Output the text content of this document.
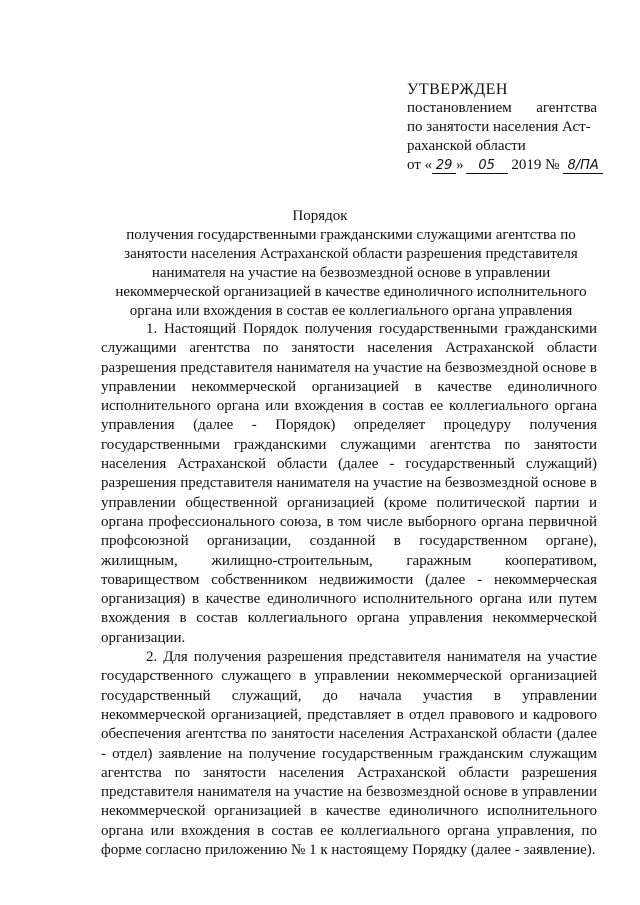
УТВЕРЖДЕН
постановлением агентства
по занятости населения Аст-
раханской области
от « 29 » 05 2019 № 8/ПА
Порядок
получения государственными гражданскими служащими агентства по занятости населения Астраханской области разрешения представителя нанимателя на участие на безвозмездной основе в управлении некоммерческой организацией в качестве единоличного исполнительного органа или вхождения в состав ее коллегиального органа управления

1. Настоящий Порядок получения государственными гражданскими служащими агентства по занятости населения Астраханской области разрешения представителя нанимателя на участие на безвозмездной основе в управлении некоммерческой организацией в качестве единоличного исполнительного органа или вхождения в состав ее коллегиального органа управления (далее - Порядок) определяет процедуру получения государственными гражданскими служащими агентства по занятости населения Астраханской области (далее - государственный служащий) разрешения представителя нанимателя на участие на безвозмездной основе в управлении общественной организацией (кроме политической партии и органа профессионального союза, в том числе выборного органа первичной профсоюзной организации, созданной в государственном органе), жилищным, жилищно-строительным, гаражным кооперативом, товариществом собственником недвижимости (далее - некоммерческая организация) в качестве единоличного исполнительного органа или путем вхождения в состав коллегиального органа управления некоммерческой организации.

2. Для получения разрешения представителя нанимателя на участие государственного служащего в управлении некоммерческой организацией государственный служащий, до начала участия в управлении некоммерческой организацией, представляет в отдел правового и кадрового обеспечения агентства по занятости населения Астраханской области (далее - отдел) заявление на получение государственным гражданским служащим агентства по занятости населения Астраханской области разрешения представителя нанимателя на участие на безвозмездной основе в управлении некоммерческой организацией в качестве единоличного исполнительного органа или вхождения в состав ее коллегиального органа управления, по форме согласно приложению № 1 к настоящему Порядку (далее - заявление).
